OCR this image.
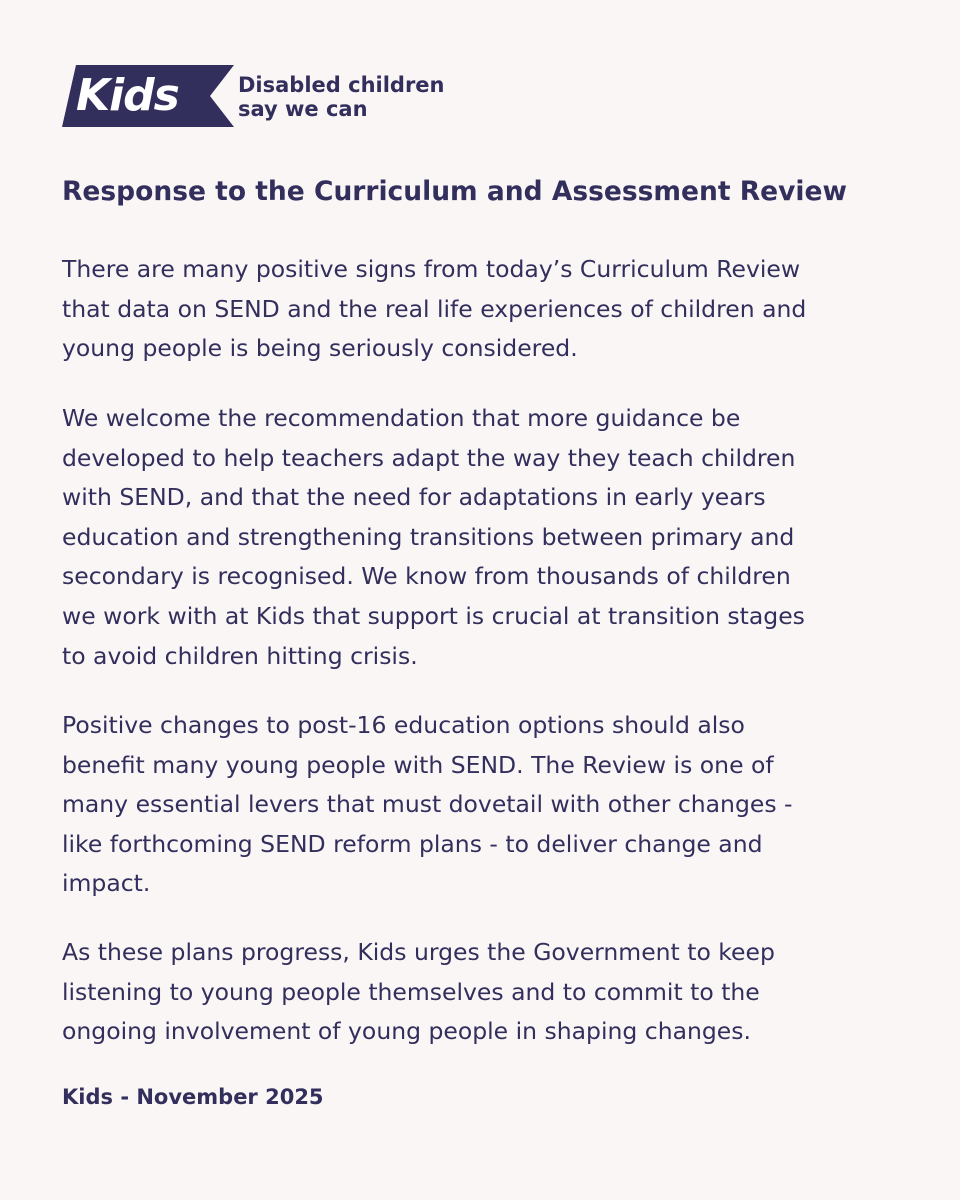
Kids	Disabled children
say we can
Response to the Curriculum and Assessment Review
There are many positive signs from today’s Curriculum Review
that data on SEND and the real life experiences of children and
young people is being seriously considered.
We welcome the recommendation that more guidance be
developed to help teachers adapt the way they teach children
with SEND, and that the need for adaptations in early years
education and strengthening transitions between primary and
secondary is recognised. We know from thousands of children
we work with at Kids that support is crucial at transition stages
to avoid children hitting crisis.
Positive changes to post-16 education options should also
benefit many young people with SEND. The Review is one of
many essential levers that must dovetail with other changes -
like forthcoming SEND reform plans - to deliver change and
impact.
As these plans progress, Kids urges the Government to keep
listening to young people themselves and to commit to the
ongoing involvement of young people in shaping changes.
Kids - November 2025
